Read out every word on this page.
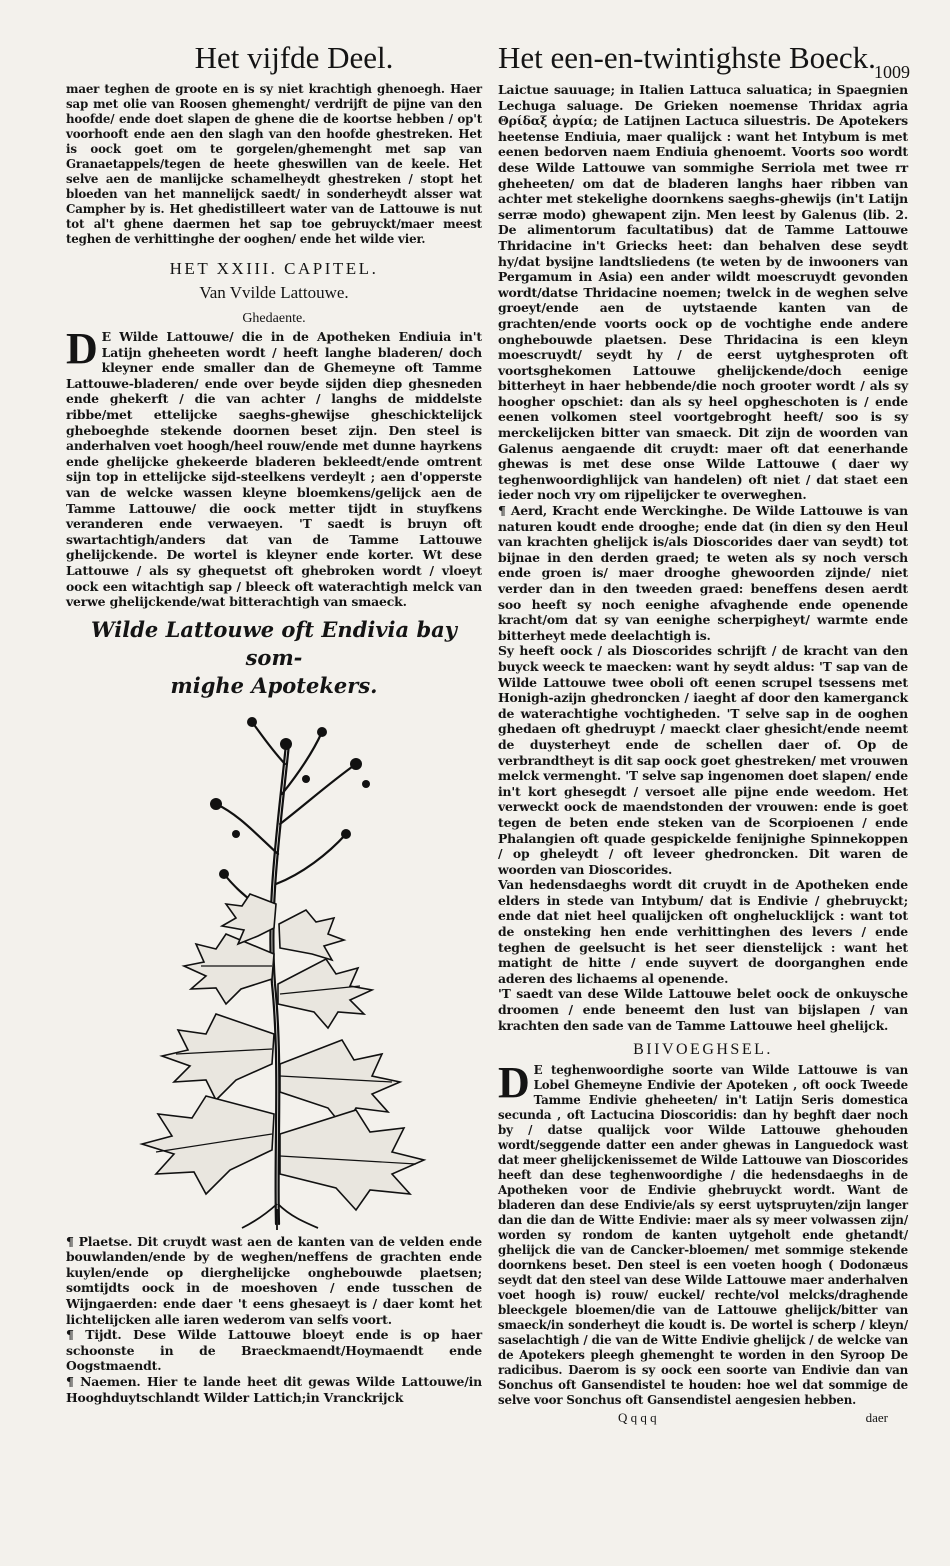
1009
Het vijfde Deel.

maer teghen de groote en is sy niet krachtigh ghenoegh. Haer sap met olie van Roosen ghemenght/ verdrijft de pijne van den hoofde/ ende doet slapen de ghene die de koortse hebben / op't voorhooft ende aen den slagh van den hoofde ghestreken. Het is oock goet om te gorgelen/ghemenght met sap van Granaetappels/tegen de heete gheswillen van de keele. Het selve aen de manlijcke schamelheydt ghestreken / stopt het bloeden van het mannelijck saedt/ in sonderheydt alsser wat Campher by is. Het ghedistilleert water van de Lattouwe is nut tot al't ghene daermen het sap toe gebruyckt/maer meest teghen de verhittinghe der ooghen/ ende het wilde vier.

HET XXIII. CAPITEL.
Van Vvilde Lattouwe.
Ghedaente.

D E Wilde Lattouwe/ die in de Apotheken Endiuia in't Latijn gheheeten wordt / heeft langhe bladeren/ doch kleyner ende smaller dan de Ghemeyne oft Tamme Lattouwe-bladeren/ ende over beyde sijden diep ghesneden ende ghekerft / die van achter / langhs de middelste ribbe/met ettelijcke saeghs-ghewijse gheschicktelijck gheboeghde stekende doornen beset zijn. Den steel is anderhalven voet hoogh/heel rouw/ende met dunne hayrkens ende ghelijcke ghekeerde bladeren bekleedt/ende omtrent sijn top in ettelijcke sijd-steelkens verdeylt ; aen d'opperste van de welcke wassen kleyne bloemkens/gelijck aen de Tamme Lattouwe/ die oock metter tijdt in stuyfkens veranderen ende verwaeyen. 'T saedt is bruyn oft swartachtigh/anders dat van de Tamme Lattouwe ghelijckende. De wortel is kleyner ende korter. Wt dese Lattouwe / als sy ghequetst oft ghebroken wordt / vloeyt oock een witachtigh sap / bleeck oft waterachtigh melck van verwe ghelijckende/wat bitterachtigh van smaeck.

Wilde Lattouwe oft Endivia bay som-
mighe Apotekers.

¶ Plaetse. Dit cruydt wast aen de kanten van de velden ende bouwlanden/ende by de weghen/neffens de grachten ende kuylen/ende op dierghelijcke onghebouwde plaetsen; somtijdts oock in de moeshoven / ende tusschen de Wijngaerden: ende daer 't eens ghesaeyt is / daer komt het lichtelijcken alle iaren wederom van selfs voort.

¶ Tijdt. Dese Wilde Lattouwe bloeyt ende is op haer schoonste in de Braeckmaendt/Hoymaendt ende Oogstmaendt.

¶ Naemen. Hier te lande heet dit gewas Wilde Lattouwe/in Hooghduytschlandt Wilder Lattich;in Vranckrijck

Het een-en-twintighste Boeck.

Laictue sauuage; in Italien Lattuca saluatica; in Spaegnien Lechuga saluage. De Grieken noemense Thridax agria Θρίδαξ ἀγρία; de Latijnen Lactuca siluestris. De Apotekers heetense Endiuia, maer qualijck : want het Intybum is met eenen bedorven naem Endiuia ghenoemt. Voorts soo wordt dese Wilde Lattouwe van sommighe Serriola met twee rr gheheeten/ om dat de bladeren langhs haer ribben van achter met stekelighe doornkens saeghs-ghewijs (in't Latijn serræ modo) ghewapent zijn. Men leest by Galenus (lib. 2. De alimentorum facultatibus) dat de Tamme Lattouwe Thridacine in't Griecks heet: dan behalven dese seydt hy/dat bysijne landtsliedens (te weten by de inwooners van Pergamum in Asia) een ander wildt moescruydt gevonden wordt/datse Thridacine noemen; twelck in de weghen selve groeyt/ende aen de uytstaende kanten van de grachten/ende voorts oock op de vochtighe ende andere onghebouwde plaetsen. Dese Thridacina is een kleyn moescruydt/ seydt hy / de eerst uytghesproten oft voortsghekomen Lattouwe ghelijckende/doch eenige bitterheyt in haer hebbende/die noch grooter wordt / als sy hoogher opschiet: dan als sy heel opgheschoten is / ende eenen volkomen steel voortgebroght heeft/ soo is sy merckelijcken bitter van smaeck. Dit zijn de woorden van Galenus aengaende dit cruydt: maer oft dat eenerhande ghewas is met dese onse Wilde Lattouwe ( daer wy teghenwoordighlijck van handelen) oft niet / dat staet een ieder noch vry om rijpelijcker te overweghen.

¶ Aerd, Kracht ende Werckinghe. De Wilde Lattouwe is van naturen koudt ende drooghe; ende dat (in dien sy den Heul van krachten ghelijck is/als Dioscorides daer van seydt) tot bijnae in den derden graed; te weten als sy noch versch ende groen is/ maer drooghe ghewoorden zijnde/ niet verder dan in den tweeden graed: beneffens desen aerdt soo heeft sy noch eenighe afvaghende ende openende kracht/om dat sy van eenighe scherpigheyt/ warmte ende bitterheyt mede deelachtigh is.

Sy heeft oock / als Dioscorides schrijft / de kracht van den buyck weeck te maecken: want hy seydt aldus: 'T sap van de Wilde Lattouwe twee oboli oft eenen scrupel tsessens met Honigh-azijn ghedroncken / iaeght af door den kamerganck de waterachtighe vochtigheden. 'T selve sap in de ooghen ghedaen oft ghedruypt / maeckt claer ghesicht/ende neemt de duysterheyt ende de schellen daer of. Op de verbrandtheyt is dit sap oock goet ghestreken/ met vrouwen melck vermenght. 'T selve sap ingenomen doet slapen/ ende in't kort ghesegdt / versoet alle pijne ende weedom. Het verweckt oock de maendstonden der vrouwen: ende is goet tegen de beten ende steken van de Scorpioenen / ende Phalangien oft quade gespickelde fenijnighe Spinnekoppen / op gheleydt / oft leveer ghedroncken. Dit waren de woorden van Dioscorides.

Van hedensdaeghs wordt dit cruydt in de Apotheken ende elders in stede van Intybum/ dat is Endivie / ghebruyckt; ende dat niet heel qualijcken oft onghelucklijck : want tot de onsteking hen ende verhittinghen des levers / ende teghen de geelsucht is het seer dienstelijck : want het matight de hitte / ende suyvert de doorganghen ende aderen des lichaems al openende.

'T saedt van dese Wilde Lattouwe belet oock de onkuysche droomen / ende beneemt den lust van bijslapen / van krachten den sade van de Tamme Lattouwe heel ghelijck.

BIIVOEGHSEL.

D E teghenwoordighe soorte van Wilde Lattouwe is van Lobel Ghemeyne Endivie der Apoteken , oft oock Tweede Tamme Endivie gheheeten/ in't Latijn Seris domestica secunda , oft Lactucina Dioscoridis: dan hy beghft daer noch by / datse qualijck voor Wilde Lattouwe ghehouden wordt/seggende datter een ander ghewas in Languedock wast dat meer ghelijckenissemet de Wilde Lattouwe van Dioscorides heeft dan dese teghenwoordighe / die hedensdaeghs in de Apotheken voor de Endivie ghebruyckt wordt. Want de bladeren dan dese Endivie/als sy eerst uytspruyten/zijn langer dan die dan de Witte Endivie: maer als sy meer volwassen zijn/ worden sy rondom de kanten uytgeholt ende ghetandt/ ghelijck die van de Cancker-bloemen/ met sommige stekende doornkens beset. Den steel is een voeten hoogh ( Dodonæus seydt dat den steel van dese Wilde Lattouwe maer anderhalven voet hoogh is) rouw/ euckel/ rechte/vol melcks/draghende bleeckgele bloemen/die van de Lattouwe ghelijck/bitter van smaeck/in sonderheyt die koudt is. De wortel is scherp / kleyn/ saselachtigh / die van de Witte Endivie ghelijck / de welcke van de Apotekers pleegh ghemenght te worden in den Syroop De radicibus. Daerom is sy oock een soorte van Endivie dan van Sonchus oft Gansendistel te houden: hoe wel dat sommige de selve voor Sonchus oft Gansendistel aengesien hebben.

Q q q q	daer
